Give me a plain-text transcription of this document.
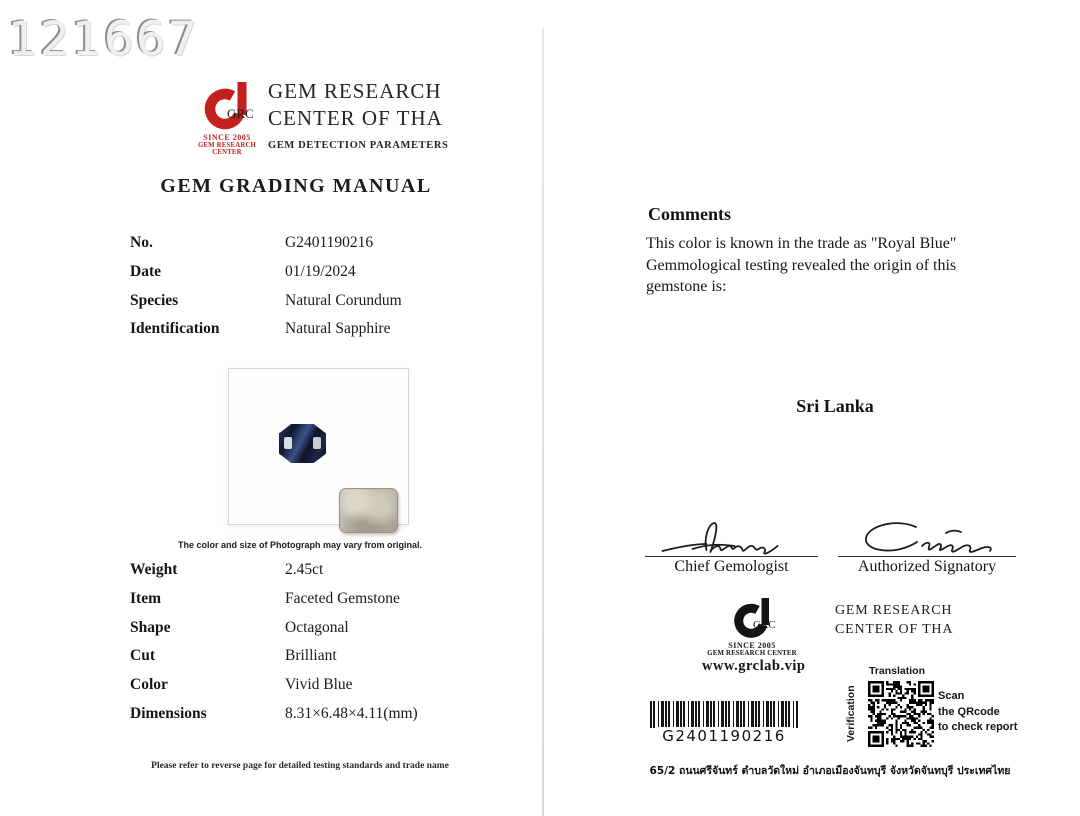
121667
GRC
SINCE 2005
GEM RESEARCH CENTER
GEM RESEARCH
CENTER OF THA
GEM DETECTION PARAMETERS
GEM GRADING MANUAL
No.	G2401190216
Date	01/19/2024
Species	Natural Corundum
Identification	Natural Sapphire
The color and size of Photograph may vary from original.
Weight	2.45ct
Item	Faceted Gemstone
Shape	Octagonal
Cut	Brilliant
Color	Vivid Blue
Dimensions	8.31×6.48×4.11(mm)
Please refer to reverse page for detailed testing standards and trade name
Comments
This color is known in the trade as "Royal Blue"
Gemmological testing revealed the origin of this
gemstone is:
Sri Lanka
Chief Gemologist	Authorized Signatory
GRC
SINCE 2005
GEM RESEARCH CENTER
www.grclab.vip
GEM RESEARCH
CENTER OF THA
G2401190216
Translation
Verification	Scan
the QRcode
to check report
65/2 ถนนศรีจันทร์ ตำบลวัดใหม่ อำเภอเมืองจันทบุรี จังหวัดจันทบุรี ประเทศไทย
